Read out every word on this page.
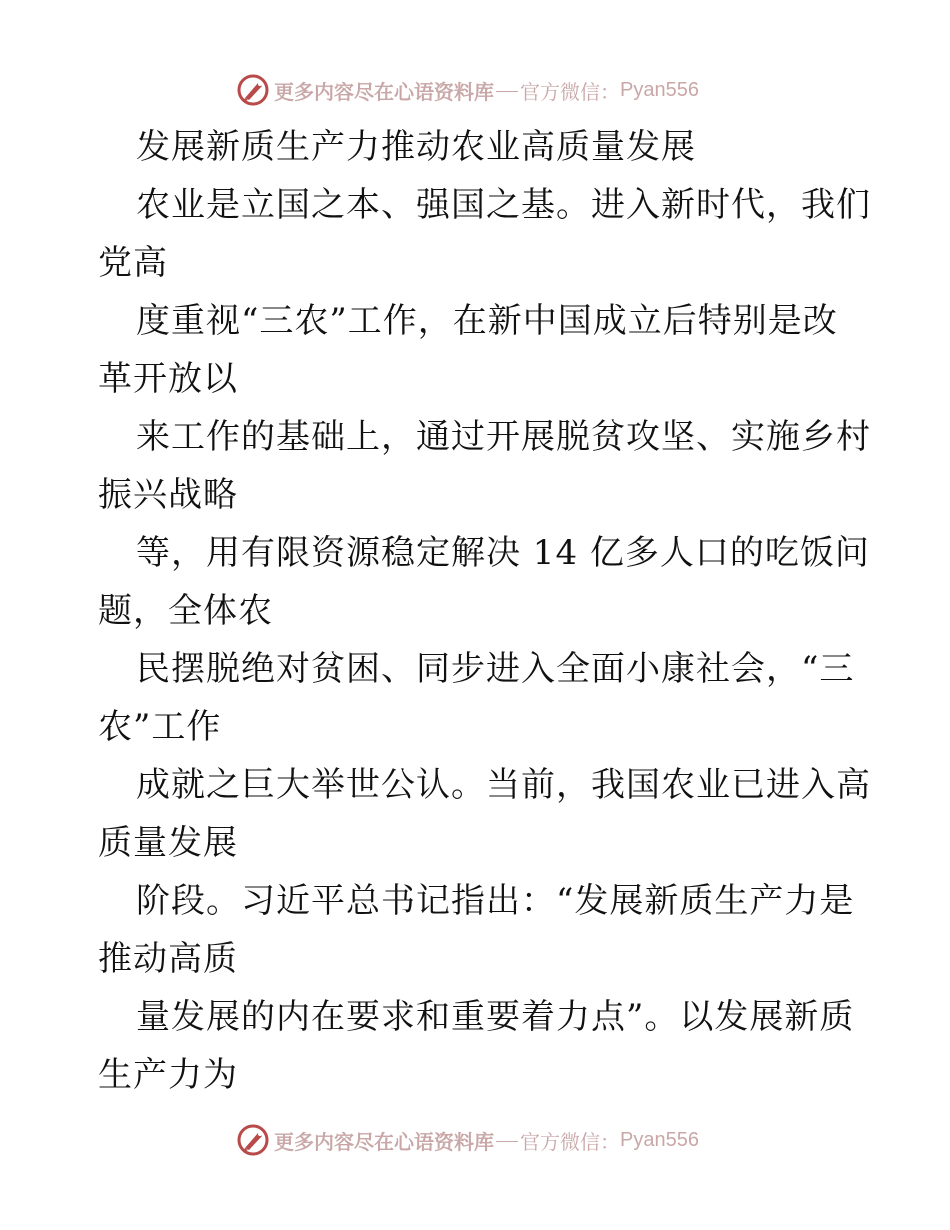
更多内容尽在心语资料库 官方微信： Pyan556
发展新质生产力推动农业高质量发展
农业是立国之本、强国之基。进入新时代，我们
党高
度重视“三农”工作，在新中国成立后特别是改
革开放以
来工作的基础上，通过开展脱贫攻坚、实施乡村
振兴战略
等，用有限资源稳定解决 14 亿多人口的吃饭问
题，全体农
民摆脱绝对贫困、同步进入全面小康社会，“三
农”工作
成就之巨大举世公认。当前，我国农业已进入高
质量发展
阶段。习近平总书记指出：“发展新质生产力是
推动高质
量发展的内在要求和重要着力点”。以发展新质
生产力为
更多内容尽在心语资料库 官方微信： Pyan556
